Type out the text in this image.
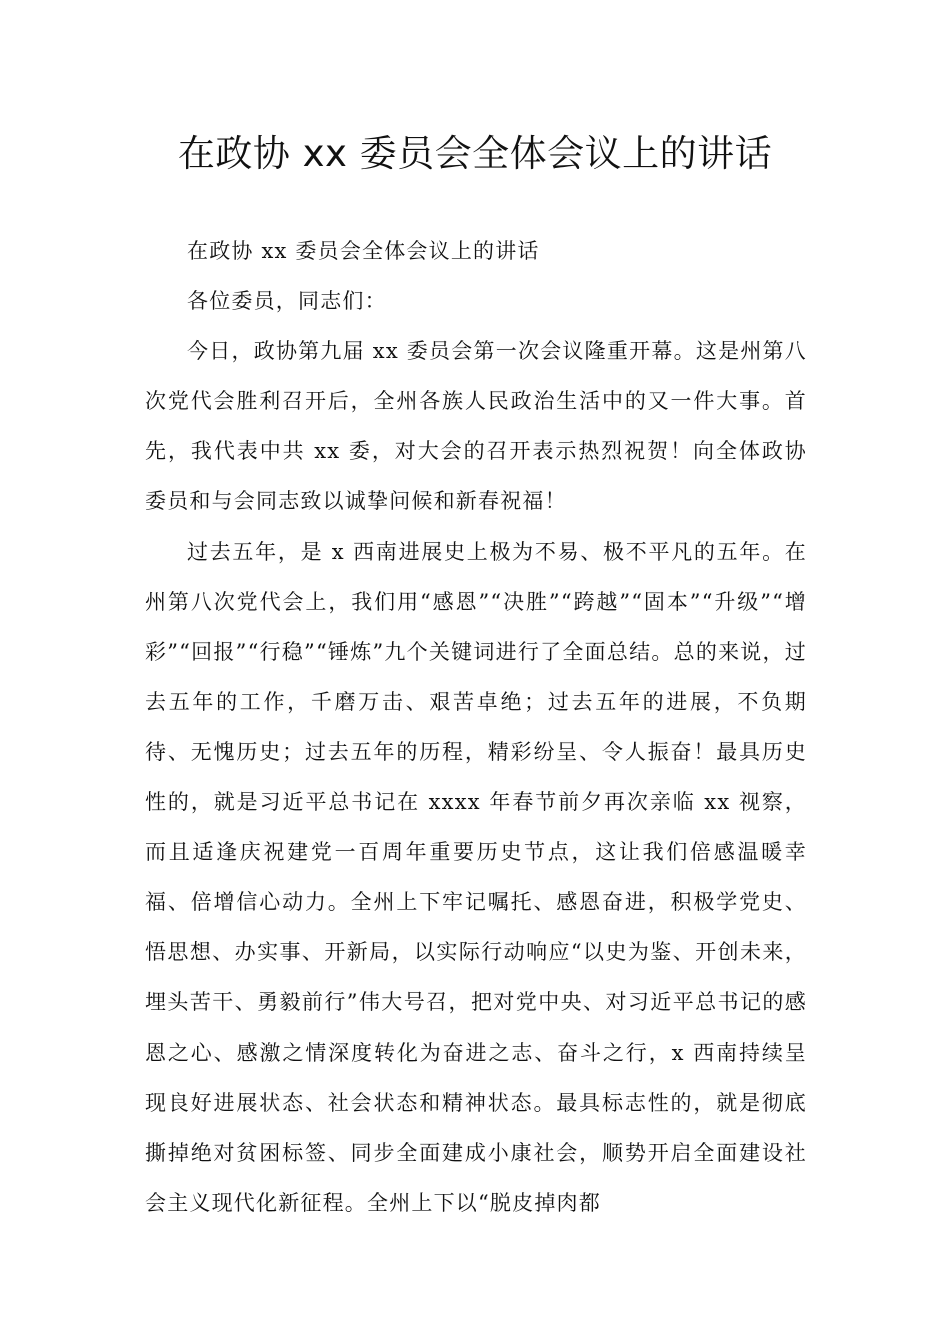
在政协 xx 委员会全体会议上的讲话

在政协 xx 委员会全体会议上的讲话

各位委员，同志们：

今日，政协第九届 xx 委员会第一次会议隆重开幕。这是州第八次党代会胜利召开后，全州各族人民政治生活中的又一件大事。首先，我代表中共 xx 委，对大会的召开表示热烈祝贺！向全体政协委员和与会同志致以诚挚问候和新春祝福！

过去五年，是 x 西南进展史上极为不易、极不平凡的五年。在州第八次党代会上，我们用“感恩”“决胜”“跨越”“固本”“升级”“增彩”“回报”“行稳”“锤炼”九个关键词进行了全面总结。总的来说，过去五年的工作，千磨万击、艰苦卓绝；过去五年的进展，不负期待、无愧历史；过去五年的历程，精彩纷呈、令人振奋！最具历史性的，就是习近平总书记在 xxxx 年春节前夕再次亲临 xx 视察，而且适逢庆祝建党一百周年重要历史节点，这让我们倍感温暖幸福、倍增信心动力。全州上下牢记嘱托、感恩奋进，积极学党史、悟思想、办实事、开新局，以实际行动响应“以史为鉴、开创未来，埋头苦干、勇毅前行”伟大号召，把对党中央、对习近平总书记的感恩之心、感激之情深度转化为奋进之志、奋斗之行，x 西南持续呈现良好进展状态、社会状态和精神状态。最具标志性的，就是彻底撕掉绝对贫困标签、同步全面建成小康社会，顺势开启全面建设社会主义现代化新征程。全州上下以“脱皮掉肉都
